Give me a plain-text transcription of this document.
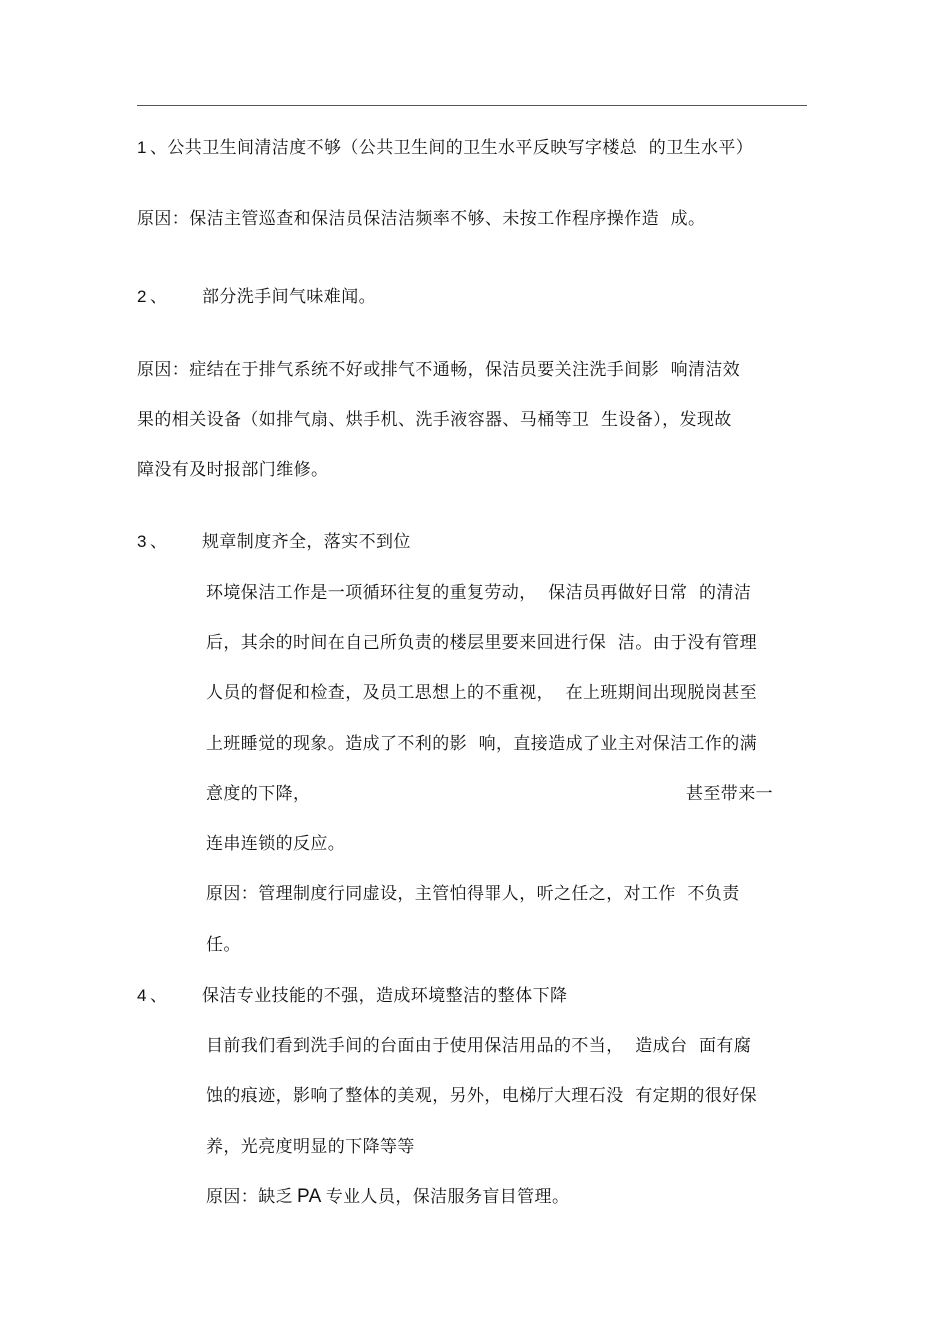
1 、公共卫生间清洁度不够（公共卫生间的卫生水平反映写字楼总  的卫生水平）
原因：保洁主管巡查和保洁员保洁洁频率不够、未按工作程序操作造  成。
2 、 部分洗手间气味难闻。
原因：症结在于排气系统不好或排气不通畅，保洁员要关注洗手间影  响清洁效
果的相关设备（如排气扇、烘手机、洗手液容器、马桶等卫  生设备），发现故
障没有及时报部门维修。
3 、 规章制度齐全，落实不到位
环境保洁工作是一项循环往复的重复劳动，  保洁员再做好日常  的清洁
后，其余的时间在自己所负责的楼层里要来回进行保  洁。由于没有管理
人员的督促和检查，及员工思想上的不重视，  在上班期间出现脱岗甚至
上班睡觉的现象。造成了不利的影  响，直接造成了业主对保洁工作的满
意度的下降，	甚至带来一
连串连锁的反应。
原因：管理制度行同虚设，主管怕得罪人，听之任之，对工作  不负责
任。
4 、 保洁专业技能的不强，造成环境整洁的整体下降
目前我们看到洗手间的台面由于使用保洁用品的不当，  造成台  面有腐
蚀的痕迹，影响了整体的美观，另外，电梯厅大理石没  有定期的很好保
养，光亮度明显的下降等等
原因：缺乏 PA 专业人员，保洁服务盲目管理。
